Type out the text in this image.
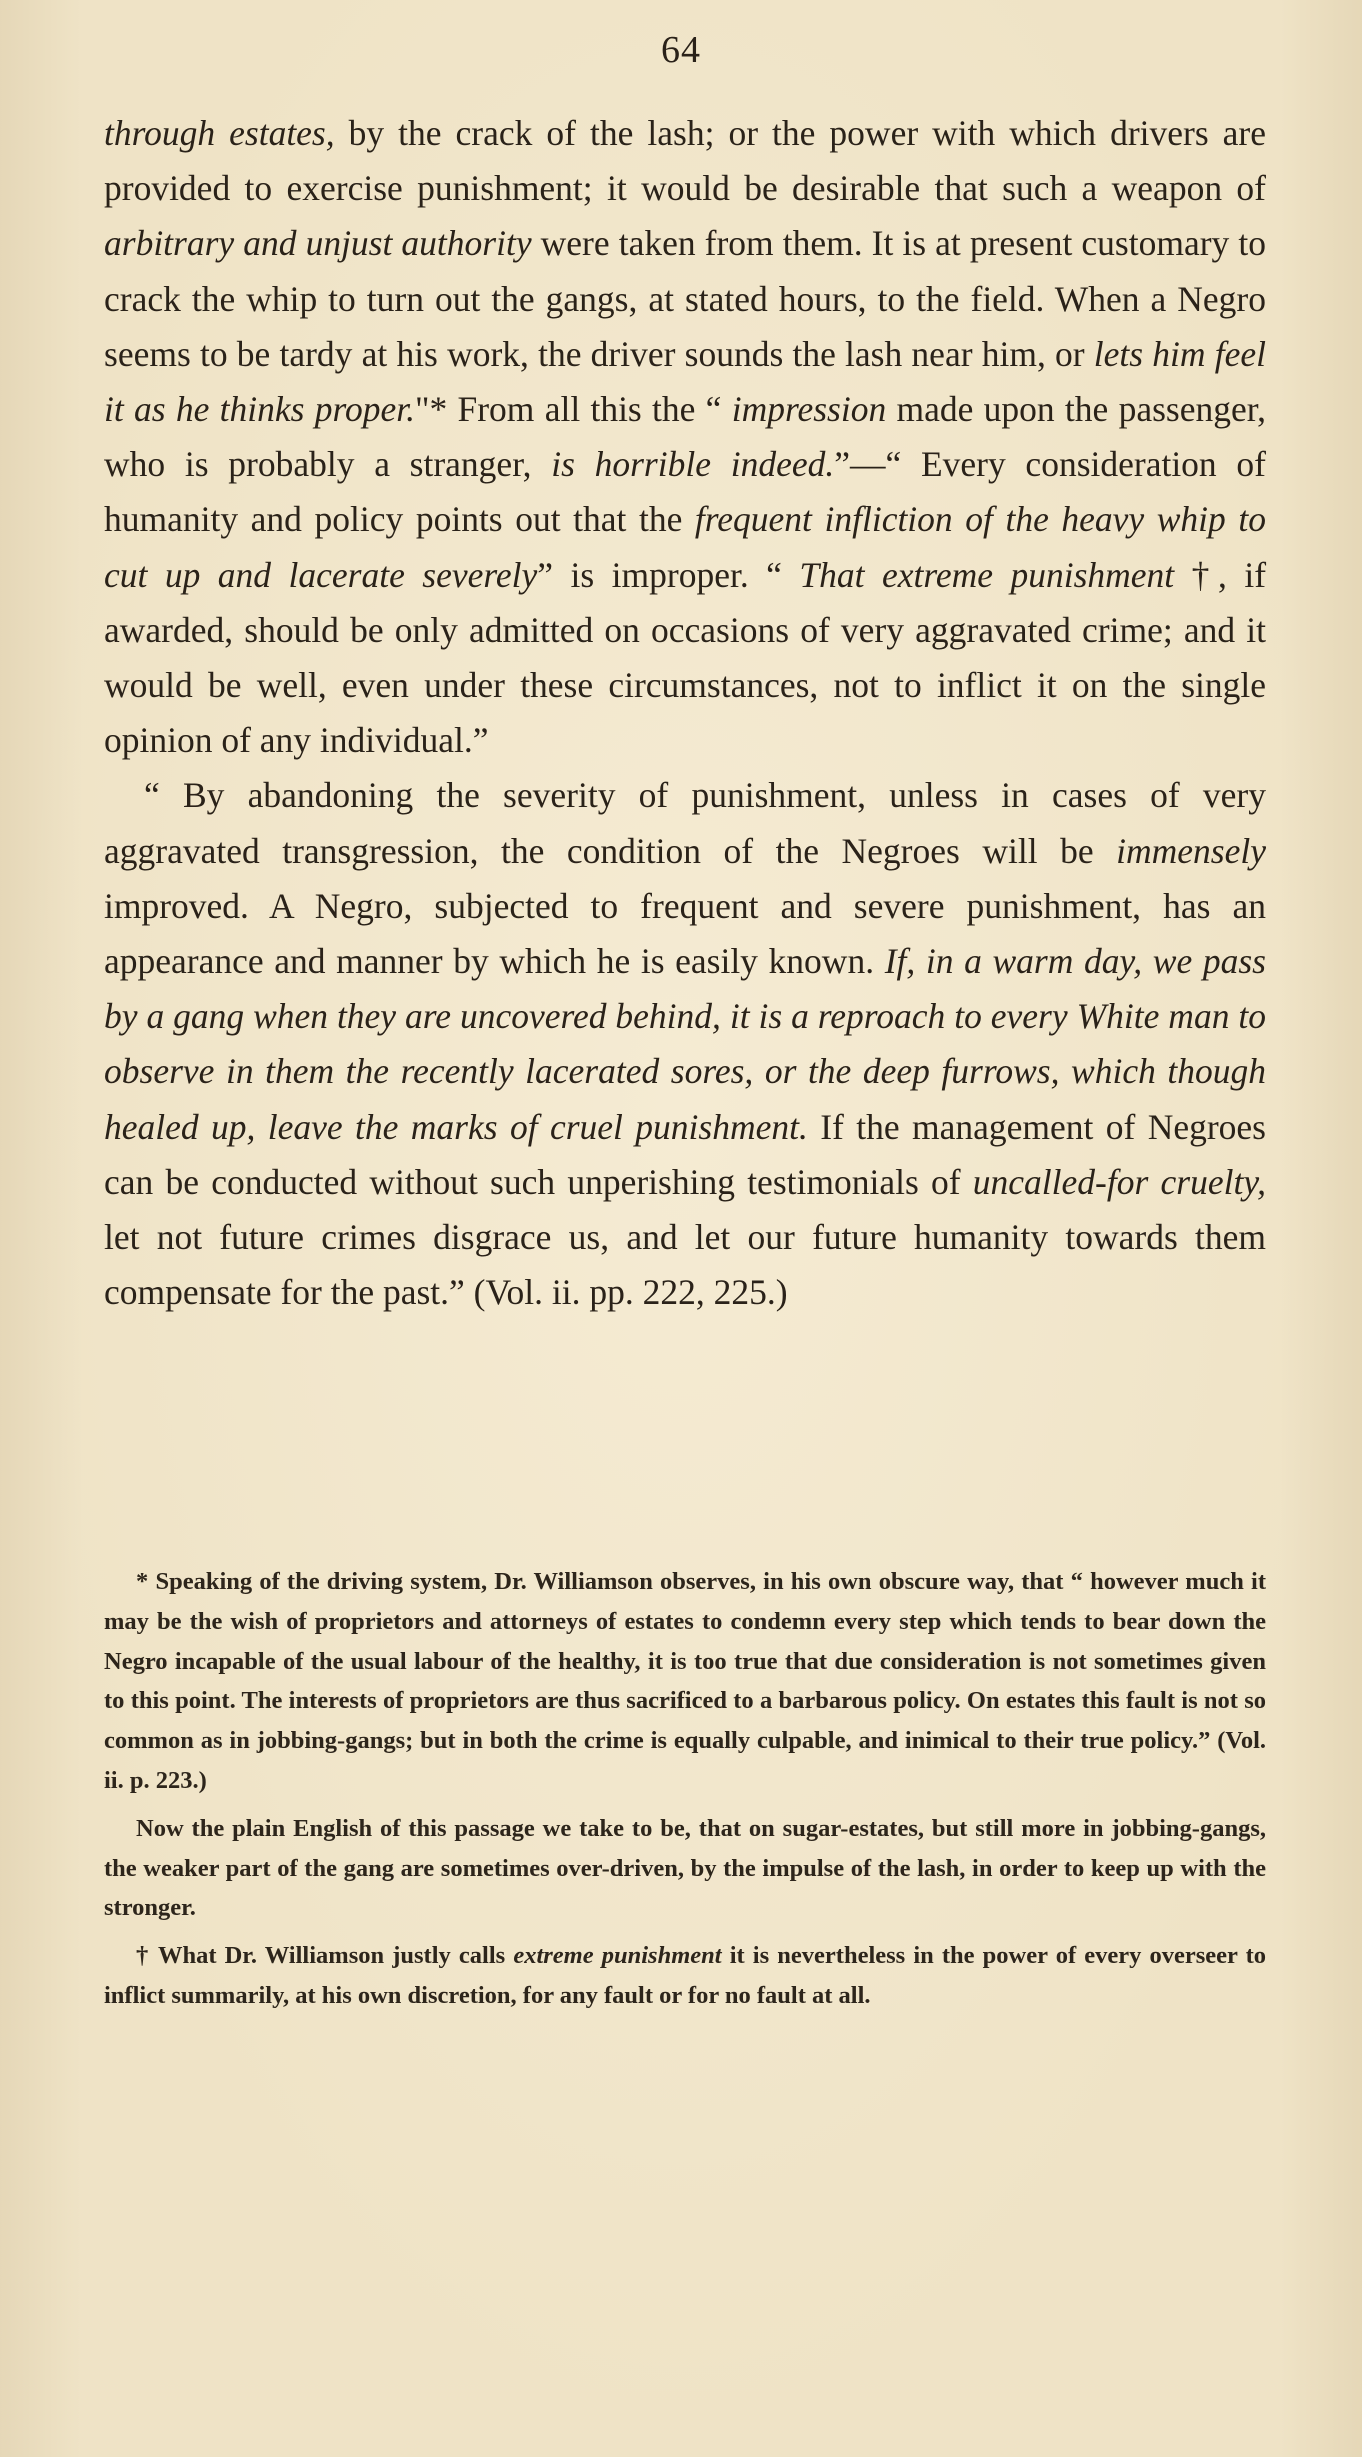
64

through estates, by the crack of the lash; or the power with which drivers are provided to exercise punishment; it would be desirable that such a weapon of arbitrary and unjust authority were taken from them. It is at present customary to crack the whip to turn out the gangs, at stated hours, to the field. When a Negro seems to be tardy at his work, the driver sounds the lash near him, or lets him feel it as he thinks proper."* From all this the “ impression made upon the passenger, who is probably a stranger, is horrible indeed.”—“ Every consideration of humanity and policy points out that the frequent infliction of the heavy whip to cut up and lacerate severely” is improper. “ That extreme punishment †, if awarded, should be only admitted on occasions of very aggravated crime; and it would be well, even under these circumstances, not to inflict it on the single opinion of any individual.”

“ By abandoning the severity of punishment, unless in cases of very aggravated transgression, the condition of the Negroes will be immensely improved. A Negro, subjected to frequent and severe punishment, has an appearance and manner by which he is easily known. If, in a warm day, we pass by a gang when they are uncovered behind, it is a reproach to every White man to observe in them the recently lacerated sores, or the deep furrows, which though healed up, leave the marks of cruel punishment. If the management of Negroes can be conducted without such unperishing testimonials of uncalled-for cruelty, let not future crimes disgrace us, and let our future humanity towards them compensate for the past.” (Vol. ii. pp. 222, 225.)

* Speaking of the driving system, Dr. Williamson observes, in his own obscure way, that “ however much it may be the wish of proprietors and attorneys of estates to condemn every step which tends to bear down the Negro incapable of the usual labour of the healthy, it is too true that due consideration is not sometimes given to this point. The interests of proprietors are thus sacrificed to a barbarous policy. On estates this fault is not so common as in jobbing-gangs; but in both the crime is equally culpable, and inimical to their true policy.” (Vol. ii. p. 223.)

Now the plain English of this passage we take to be, that on sugar-estates, but still more in jobbing-gangs, the weaker part of the gang are sometimes over-driven, by the impulse of the lash, in order to keep up with the stronger.

† What Dr. Williamson justly calls extreme punishment it is nevertheless in the power of every overseer to inflict summarily, at his own discretion, for any fault or for no fault at all.
